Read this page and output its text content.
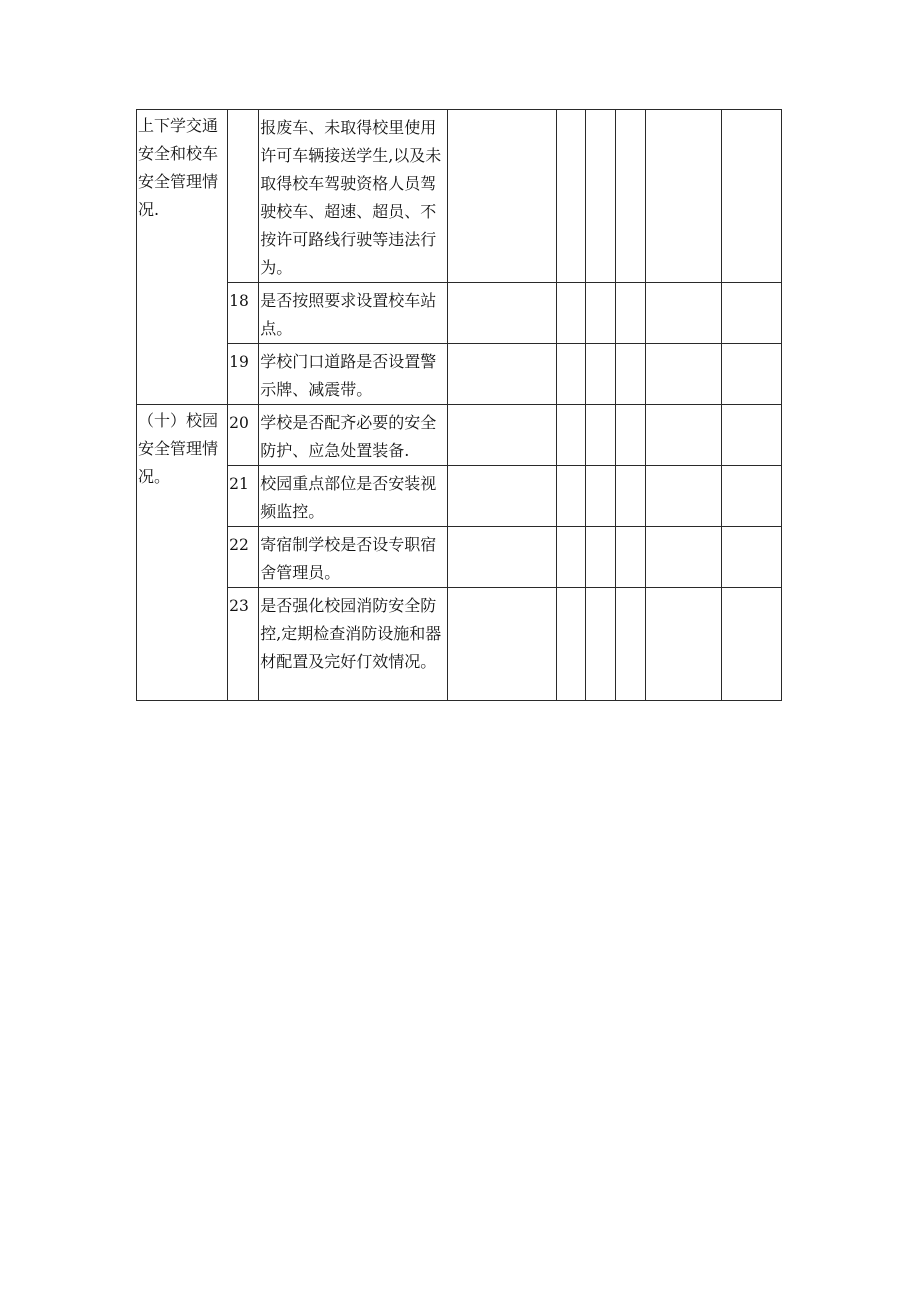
上下学交通安全和校车安全管理情况.		报废车、未取得校里使用许可车辆接送学生,以及未取得校车驾驶资格人员驾驶校车、超速、超员、不按许可路线行驶等违法行为。						
	18	是否按照要求设置校车站点。						
	19	学校门口道路是否设置警示牌、减震带。						
（十）校园安全管理情况。	20	学校是否配齐必要的安全防护、应急处置装备.						
	21	校园重点部位是否安装视频监控。						
	22	寄宿制学校是否设专职宿舍管理员。						
	23	是否强化校园消防安全防控,定期检查消防设施和器材配置及完好仃效情况。						
